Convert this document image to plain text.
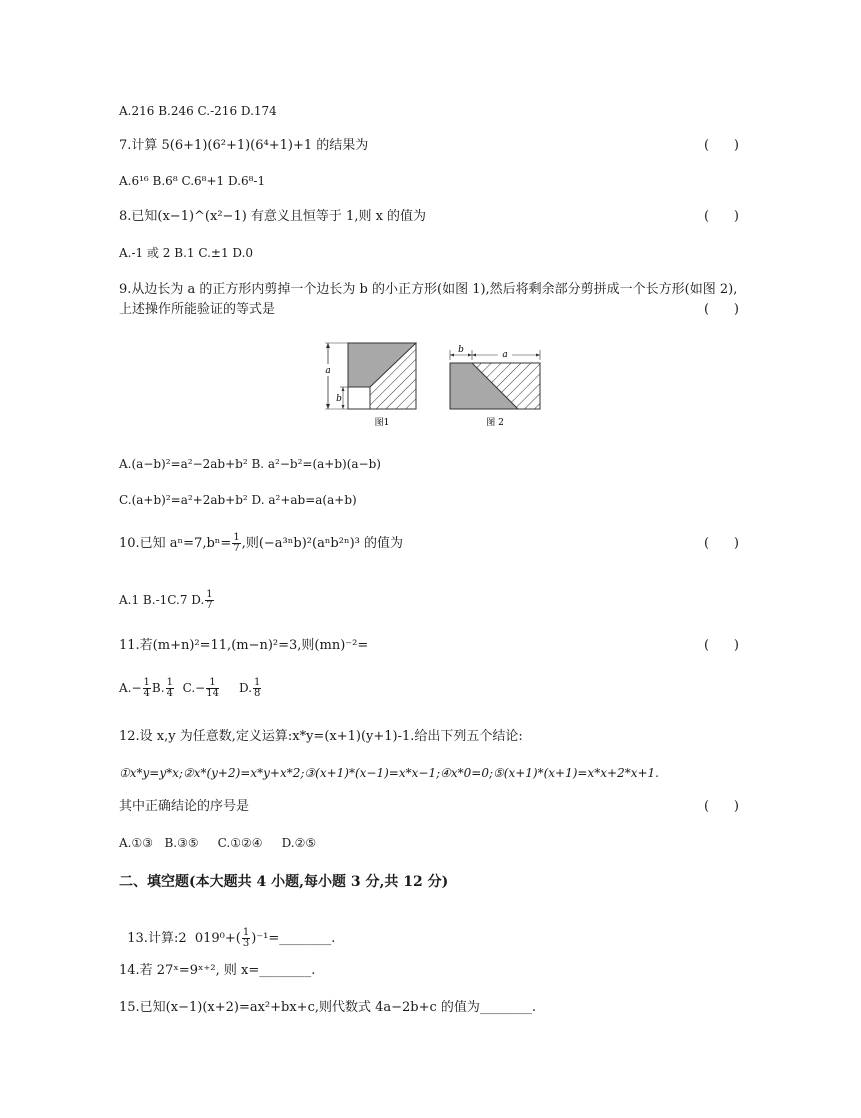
A.216 B.246 C.-216 D.174
7.计算 5(6+1)(6²+1)(6⁴+1)+1 的结果为	(      )
A.6¹⁶ B.6⁸ C.6⁸+1 D.6⁸-1
8.已知(x−1)^(x²−1) 有意义且恒等于 1,则 x 的值为	(      )
A.-1 或 2 B.1 C.±1 D.0
9.从边长为 a 的正方形内剪掉一个边长为 b 的小正方形(如图 1),然后将剩余部分剪拼成一个长方形(如图 2),
上述操作所能验证的等式是	(      )
a
b
图1
b	a
图 2
A.(a−b)²=a²−2ab+b² B. a²−b²=(a+b)(a−b)
C.(a+b)²=a²+2ab+b² D. a²+ab=a(a+b)
10.已知 $a^n=7,b^n= \frac{1}{7}$ ,则(−a³ⁿb)²(aⁿb²ⁿ)³ 的值为	(      )
A.1 B.-1C.7 D. $\frac{1}{7}$
11.若(m+n)²=11,(m−n)²=3,则(mn)⁻²=	(      )
$A.- \frac{1}{4} B$. $\frac{1}{4} C.- \frac{1}{14} D$. $\frac{1}{8}$
12.设 x,y 为任意数,定义运算:x*y=(x+1)(y+1)-1.给出下列五个结论:
①x*y=y*x;②x*(y+2)=x*y+x*2;③(x+1)*(x−1)=x*x−1;④x*0=0;⑤(x+1)*(x+1)=x*x+2*x+1.
其中正确结论的序号是	(      )
A.①③   B.③⑤     C.①②④     D.②⑤
二、填空题(本大题共 4 小题,每小题 3 分,共 12 分)

13.计算:2  $019^0+( \frac{1}{3}$ )⁻¹=________.

14.若 27ˣ=9ˣ⁺², 则 x=________.
15.已知(x−1)(x+2)=ax²+bx+c,则代数式 4a−2b+c 的值为________.
